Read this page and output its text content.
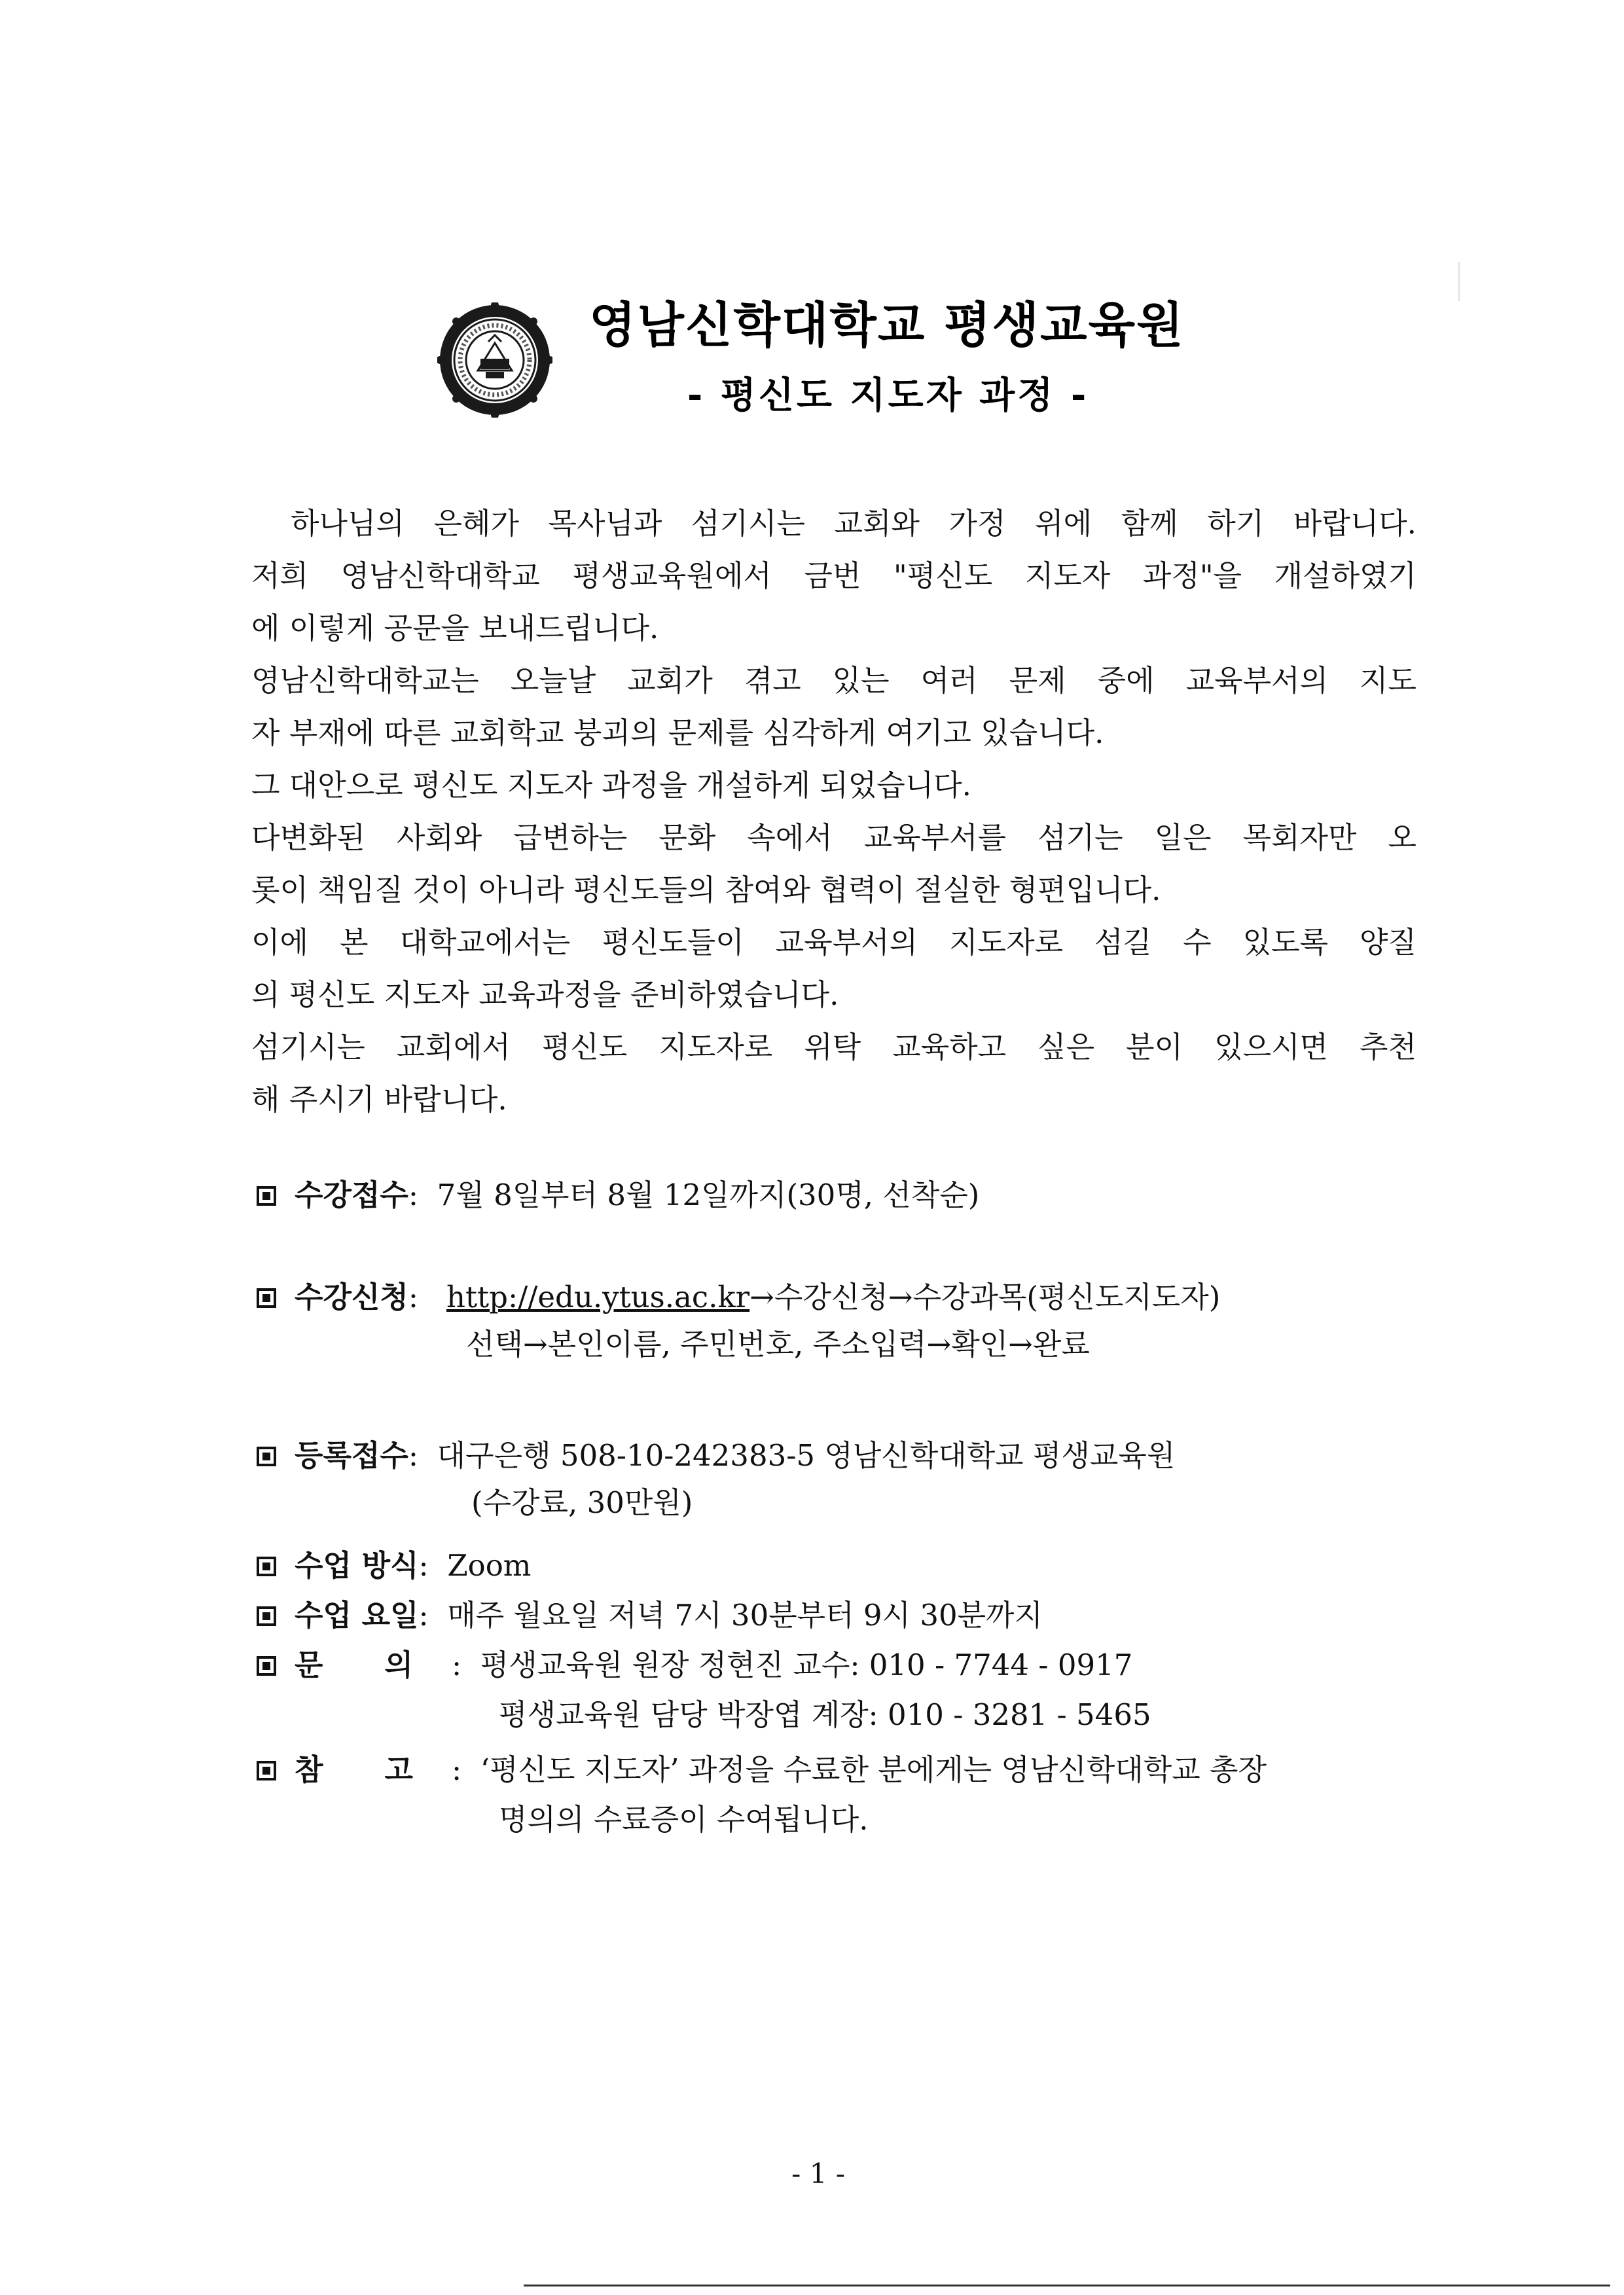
영남신학대학교 평생교육원
- 평신도 지도자 과정 -
하나님의 은혜가 목사님과 섬기시는 교회와 가정 위에 함께 하기 바랍니다.
저희 영남신학대학교 평생교육원에서 금번 "평신도 지도자 과정"을 개설하였기
에 이렇게 공문을 보내드립니다.
영남신학대학교는 오늘날 교회가 겪고 있는 여러 문제 중에 교육부서의 지도
자 부재에 따른 교회학교 붕괴의 문제를 심각하게 여기고 있습니다.
그 대안으로 평신도 지도자 과정을 개설하게 되었습니다.
다변화된 사회와 급변하는 문화 속에서 교육부서를 섬기는 일은 목회자만 오
롯이 책임질 것이 아니라 평신도들의 참여와 협력이 절실한 형편입니다.
이에 본 대학교에서는 평신도들이 교육부서의 지도자로 섬길 수 있도록 양질
의 평신도 지도자 교육과정을 준비하였습니다.
섬기시는 교회에서 평신도 지도자로 위탁 교육하고 싶은 분이 있으시면 추천
해 주시기 바랍니다.
수강접수: 7월 8일부터 8월 12일까지(30명, 선착순)
수강신청: http://edu.ytus.ac.kr→수강신청→수강과목(평신도지도자)
선택→본인이름, 주민번호, 주소입력→확인→완료
등록접수: 대구은행 508-10-242383-5 영남신학대학교 평생교육원
(수강료, 30만원)
수업 방식: Zoom
수업 요일: 매주 월요일 저녁 7시 30분부터 9시 30분까지
문      의 : 평생교육원 원장 정현진 교수: 010 - 7744 - 0917
평생교육원 담당 박장엽 계장: 010 - 3281 - 5465
참      고 : ‘평신도 지도자’ 과정을 수료한 분에게는 영남신학대학교 총장
명의의 수료증이 수여됩니다.
- 1 -
